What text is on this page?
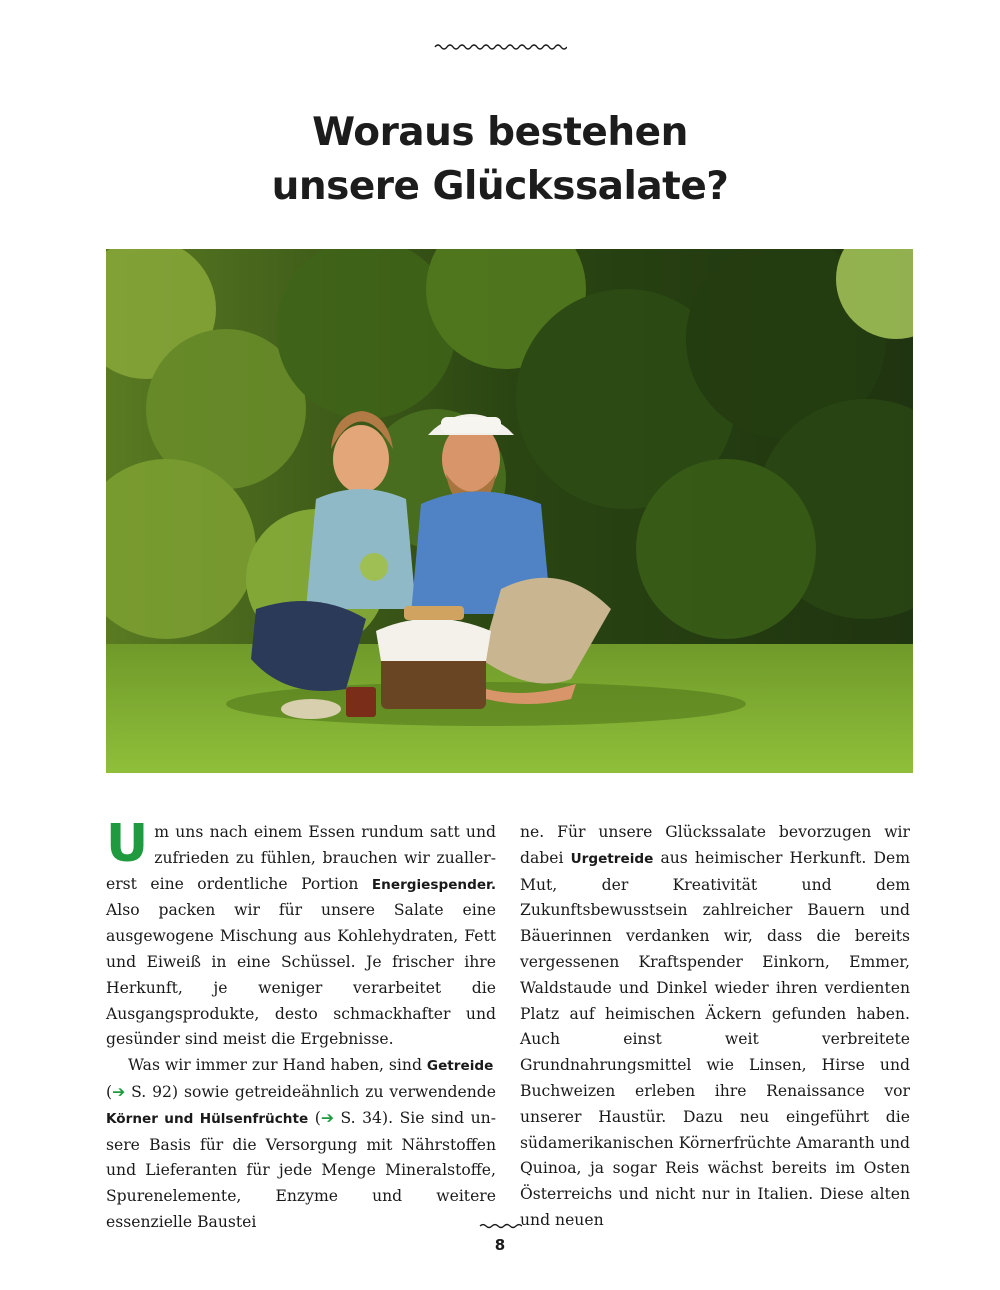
Woraus bestehen
unsere Glückssalate?

Um uns nach einem Essen rundum satt und zufrieden zu fühlen, brauchen wir zuallererst eine ordentliche Portion Energiespender. Also packen wir für unsere Salate eine ausgewogene Mischung aus Kohlehydraten, Fett und Eiweiß in eine Schüssel. Je frischer ihre Herkunft, je weniger verarbeitet die Ausgangsprodukte, desto schmackhafter und gesünder sind meist die Ergebnisse.

Was wir immer zur Hand haben, sind Getreide
(➔ S. 92) sowie getreideähnlich zu verwendende Körner und Hülsenfrüchte (➔ S. 34). Sie sind unsere Basis für die Versorgung mit Nährstoffen und Lieferanten für jede Menge Mineralstoffe, Spurenelemente, Enzyme und weitere essenzielle Baustei

ne. Für unsere Glückssalate bevorzugen wir dabei Urgetreide aus heimischer Herkunft. Dem Mut, der Kreativität und dem Zukunftsbewusstsein zahlreicher Bauern und Bäuerinnen verdanken wir, dass die bereits vergessenen Kraftspender Einkorn, Emmer, Waldstaude und Dinkel wieder ihren verdienten Platz auf heimischen Äckern gefunden haben. Auch einst weit verbreitete Grundnahrungsmittel wie Linsen, Hirse und Buchweizen erleben ihre Renaissance vor unserer Haustür. Dazu neu eingeführt die südamerikanischen Körnerfrüchte Amaranth und Quinoa, ja sogar Reis wächst bereits im Osten Österreichs und nicht nur in Italien. Diese alten und neuen

8
